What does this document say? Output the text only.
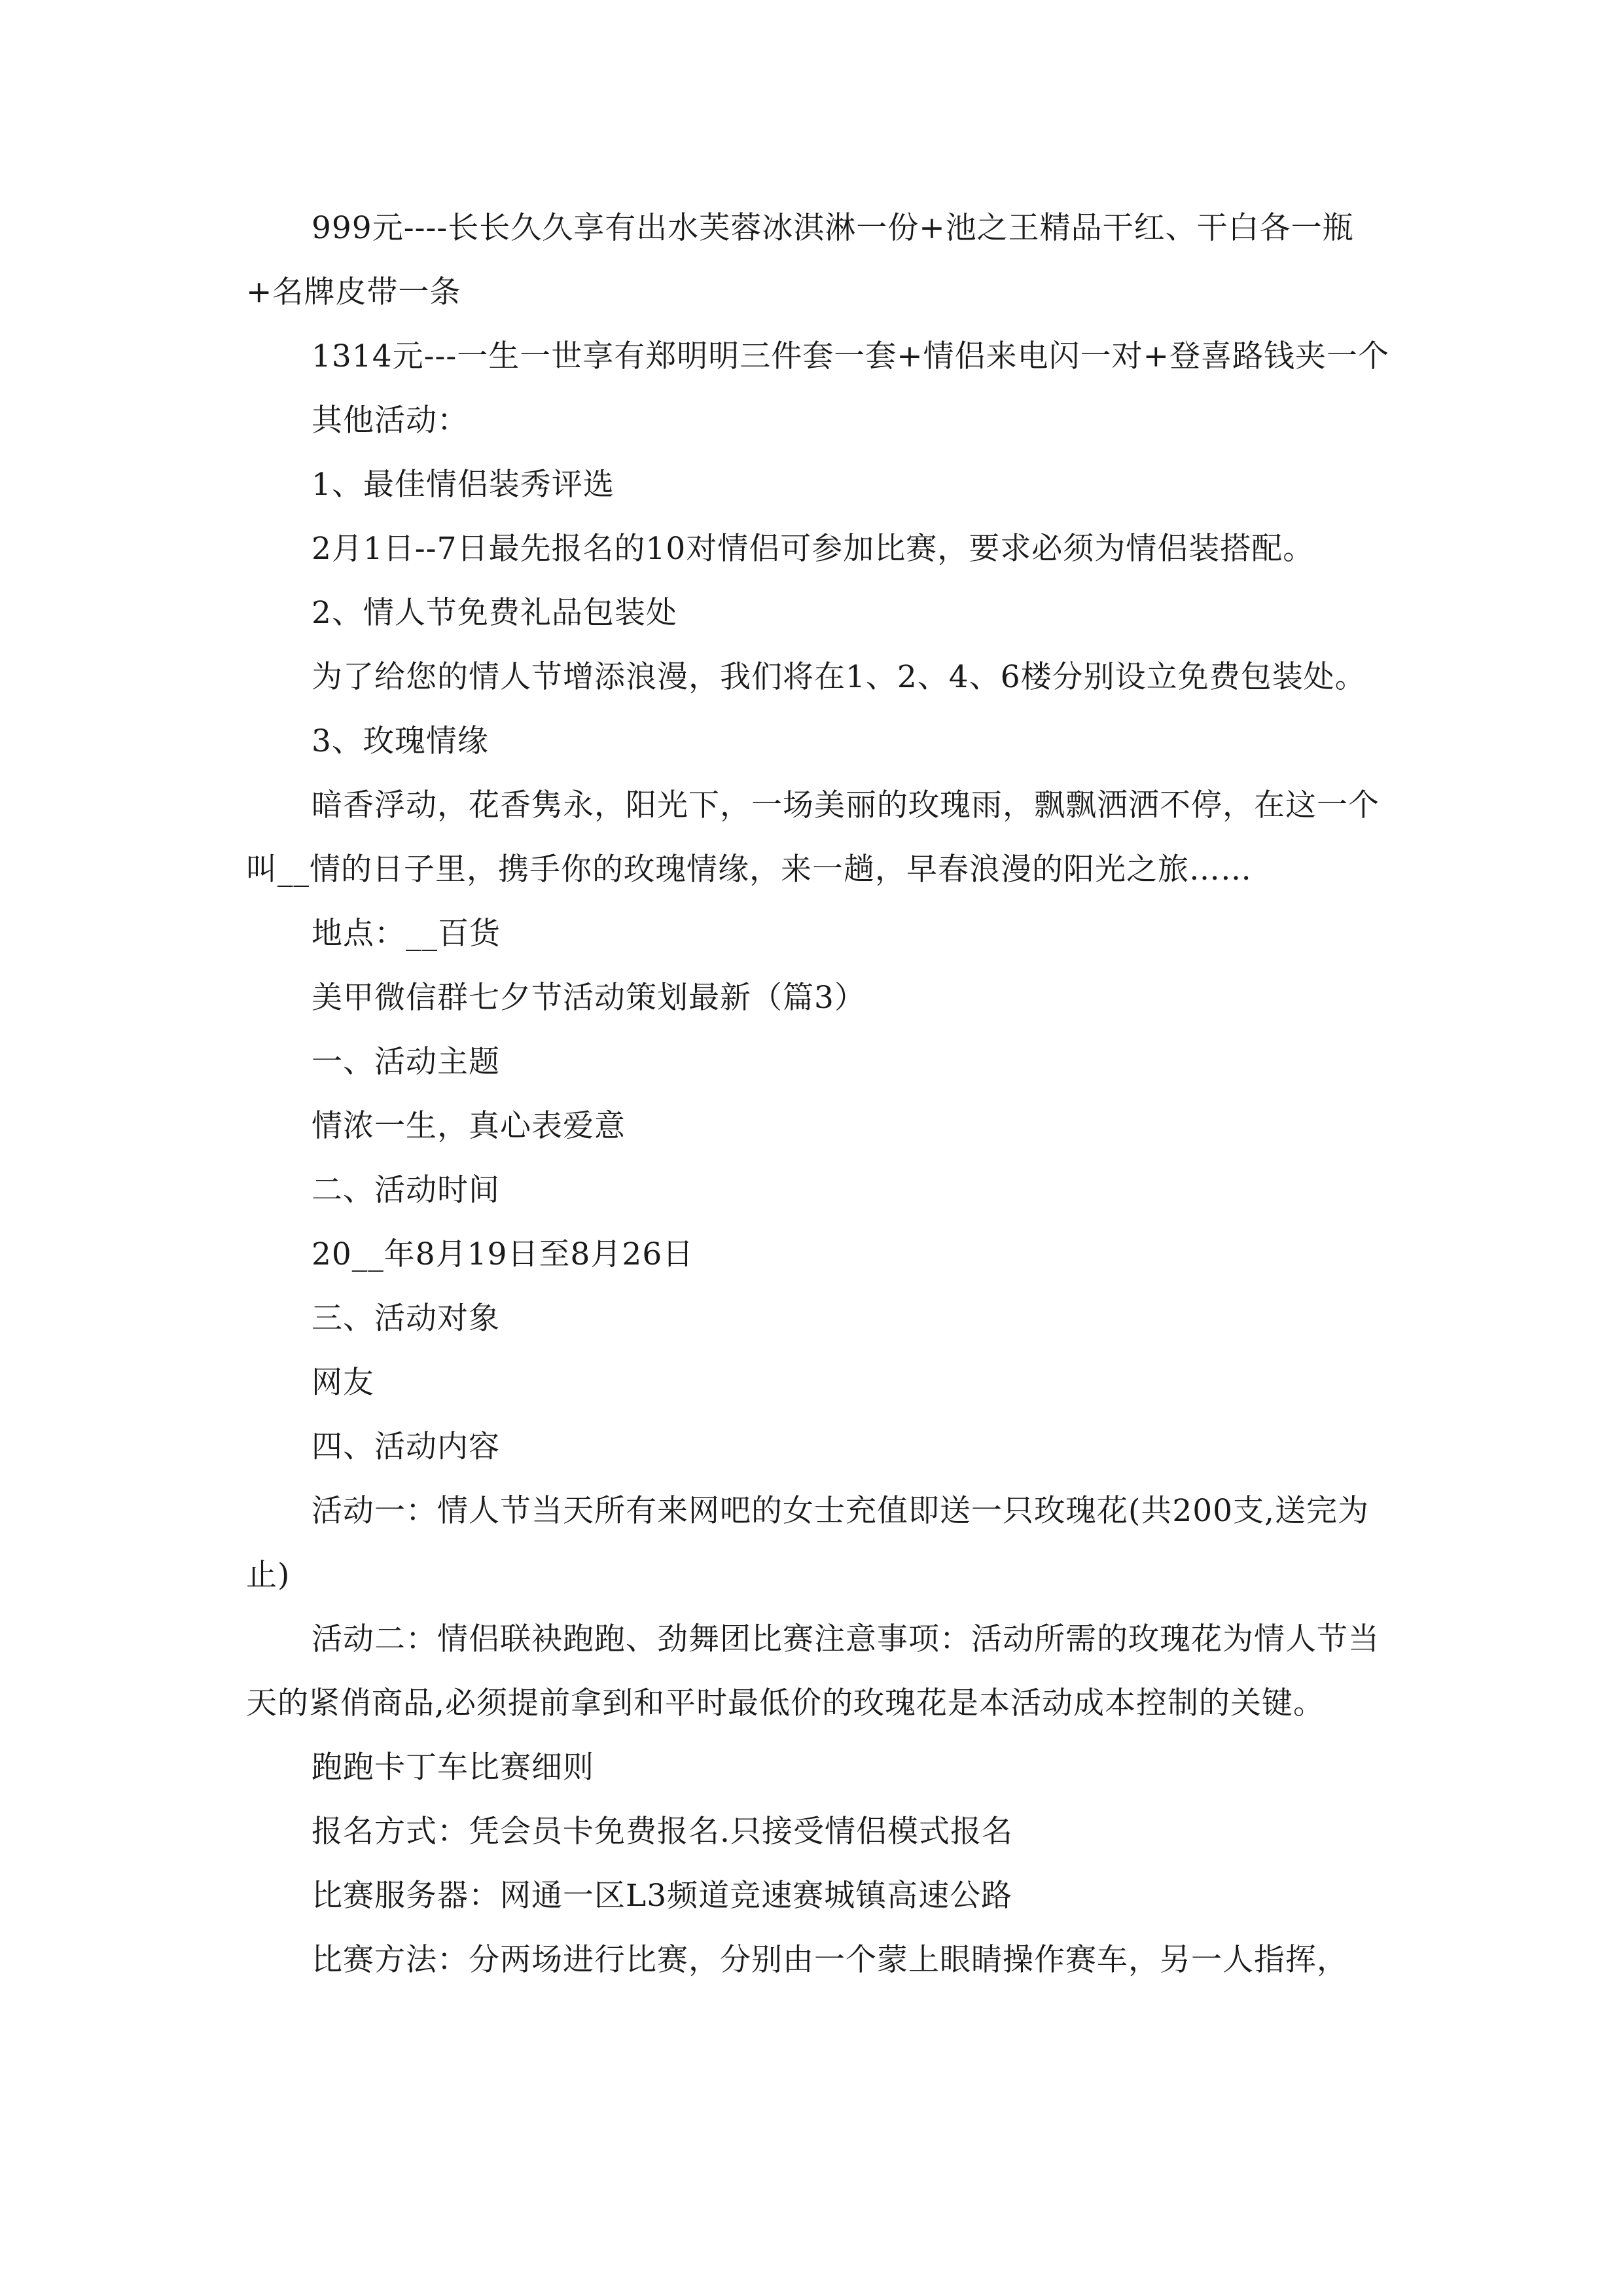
999元----长长久久享有出水芙蓉冰淇淋一份+池之王精品干红、干白各一瓶+名牌皮带一条

1314元---一生一世享有郑明明三件套一套+情侣来电闪一对+登喜路钱夹一个

其他活动：

1、最佳情侣装秀评选

2月1日--7日最先报名的10对情侣可参加比赛，要求必须为情侣装搭配。

2、情人节免费礼品包装处

为了给您的情人节增添浪漫，我们将在1、2、4、6楼分别设立免费包装处。

3、玫瑰情缘

暗香浮动，花香隽永，阳光下，一场美丽的玫瑰雨，飘飘洒洒不停，在这一个叫__情的日子里，携手你的玫瑰情缘，来一趟，早春浪漫的阳光之旅……

地点：__百货

美甲微信群七夕节活动策划最新（篇3）

一、活动主题

情浓一生，真心表爱意

二、活动时间

20__年8月19日至8月26日

三、活动对象

网友

四、活动内容

活动一：情人节当天所有来网吧的女士充值即送一只玫瑰花(共200支,送完为止)

活动二：情侣联袂跑跑、劲舞团比赛注意事项：活动所需的玫瑰花为情人节当天的紧俏商品,必须提前拿到和平时最低价的玫瑰花是本活动成本控制的关键。

跑跑卡丁车比赛细则

报名方式：凭会员卡免费报名.只接受情侣模式报名

比赛服务器：网通一区L3频道竞速赛城镇高速公路

比赛方法：分两场进行比赛，分别由一个蒙上眼睛操作赛车，另一人指挥，
